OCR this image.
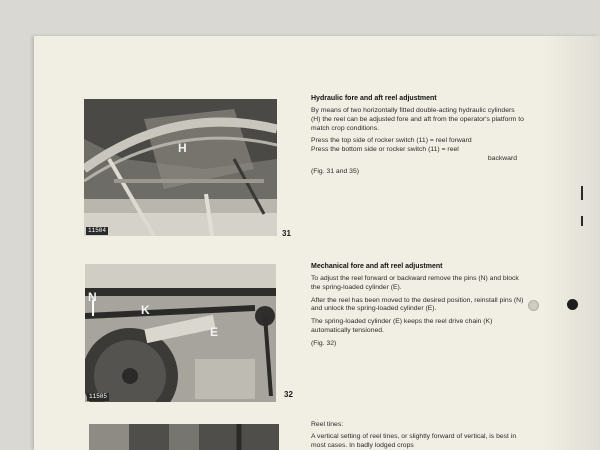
H
11504	31
N
K
E
11505	32
Hydraulic fore and aft reel adjustment

By means of two horizontally fitted double-acting hydraulic cylinders (H) the reel can be adjusted fore and aft from the operator's platform to match crop conditions.

Press the top side of rocker switch (11) = reel forward

Press the bottom side or rocker switch (11) = reel

backward

(Fig. 31 and 35)

Mechanical fore and aft reel adjustment

To adjust the reel forward or backward remove the pins (N) and block the spring-loaded cylinder (E).

After the reel has been moved to the desired position, reinstall pins (N) and unlock the spring-loaded cylinder (E).

The spring-loaded cylinder (E) keeps the reel drive chain (K) automatically tensioned.

(Fig. 32)

Reel tines:

A vertical setting of reel tines, or slightly forward of vertical, is best in most cases. In badly lodged crops
